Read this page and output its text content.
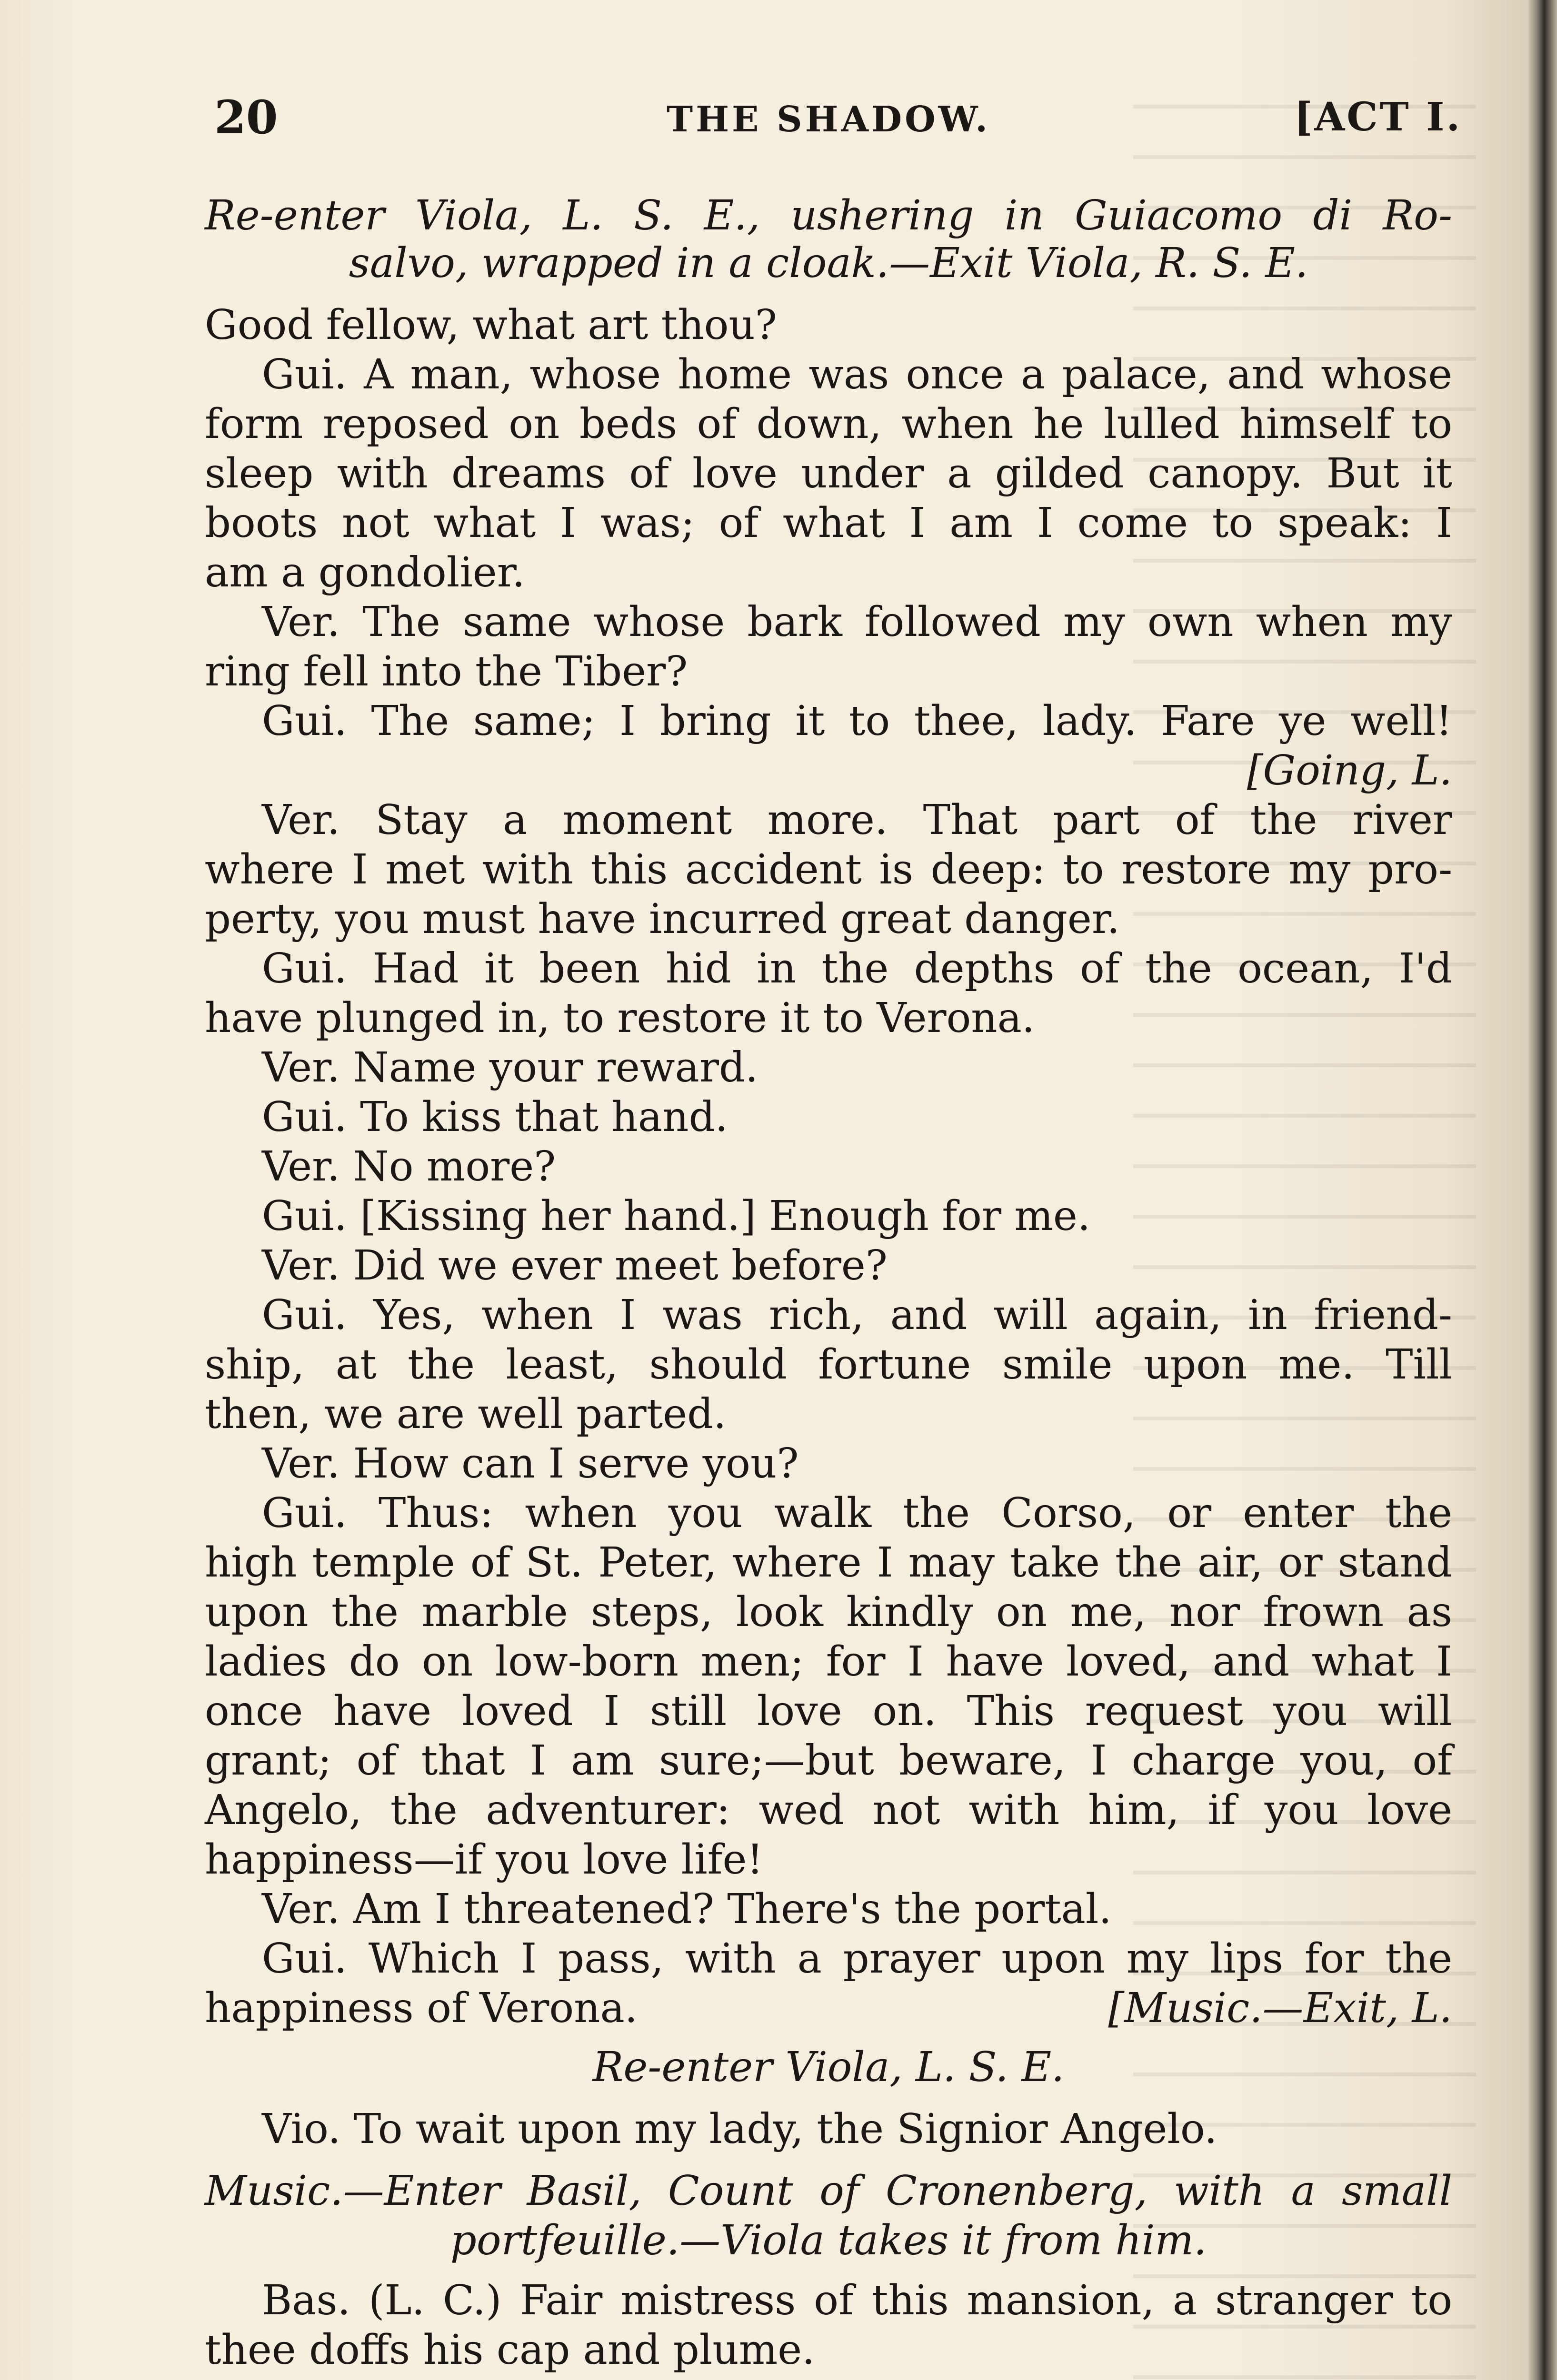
20	THE SHADOW.	[ACT I.
Re-enter Viola, L. S. E., ushering in Guiacomo di Ro-
salvo, wrapped in a cloak.—Exit Viola, R. S. E.
Good fellow, what art thou?
Gui. A man, whose home was once a palace, and whose
form reposed on beds of down, when he lulled himself to
sleep with dreams of love under a gilded canopy. But it
boots not what I was; of what I am I come to speak: I
am a gondolier.
Ver. The same whose bark followed my own when my
ring fell into the Tiber?
Gui. The same; I bring it to thee, lady. Fare ye well!
[Going, L.
Ver. Stay a moment more. That part of the river
where I met with this accident is deep: to restore my pro-
perty, you must have incurred great danger.
Gui. Had it been hid in the depths of the ocean, I'd
have plunged in, to restore it to Verona.
Ver. Name your reward.
Gui. To kiss that hand.
Ver. No more?
Gui. [Kissing her hand.] Enough for me.
Ver. Did we ever meet before?
Gui. Yes, when I was rich, and will again, in friend-
ship, at the least, should fortune smile upon me. Till
then, we are well parted.
Ver. How can I serve you?
Gui. Thus: when you walk the Corso, or enter the
high temple of St. Peter, where I may take the air, or stand
upon the marble steps, look kindly on me, nor frown as
ladies do on low-born men; for I have loved, and what I
once have loved I still love on. This request you will
grant; of that I am sure;—but beware, I charge you, of
Angelo, the adventurer: wed not with him, if you love
happiness—if you love life!
Ver. Am I threatened? There's the portal.
Gui. Which I pass, with a prayer upon my lips for the
happiness of Verona.	[Music.—Exit, L.
Re-enter Viola, L. S. E.
Vio. To wait upon my lady, the Signior Angelo.
Music.—Enter Basil, Count of Cronenberg, with a small
portfeuille.—Viola takes it from him.
Bas. (L. C.) Fair mistress of this mansion, a stranger to
thee doffs his cap and plume.
